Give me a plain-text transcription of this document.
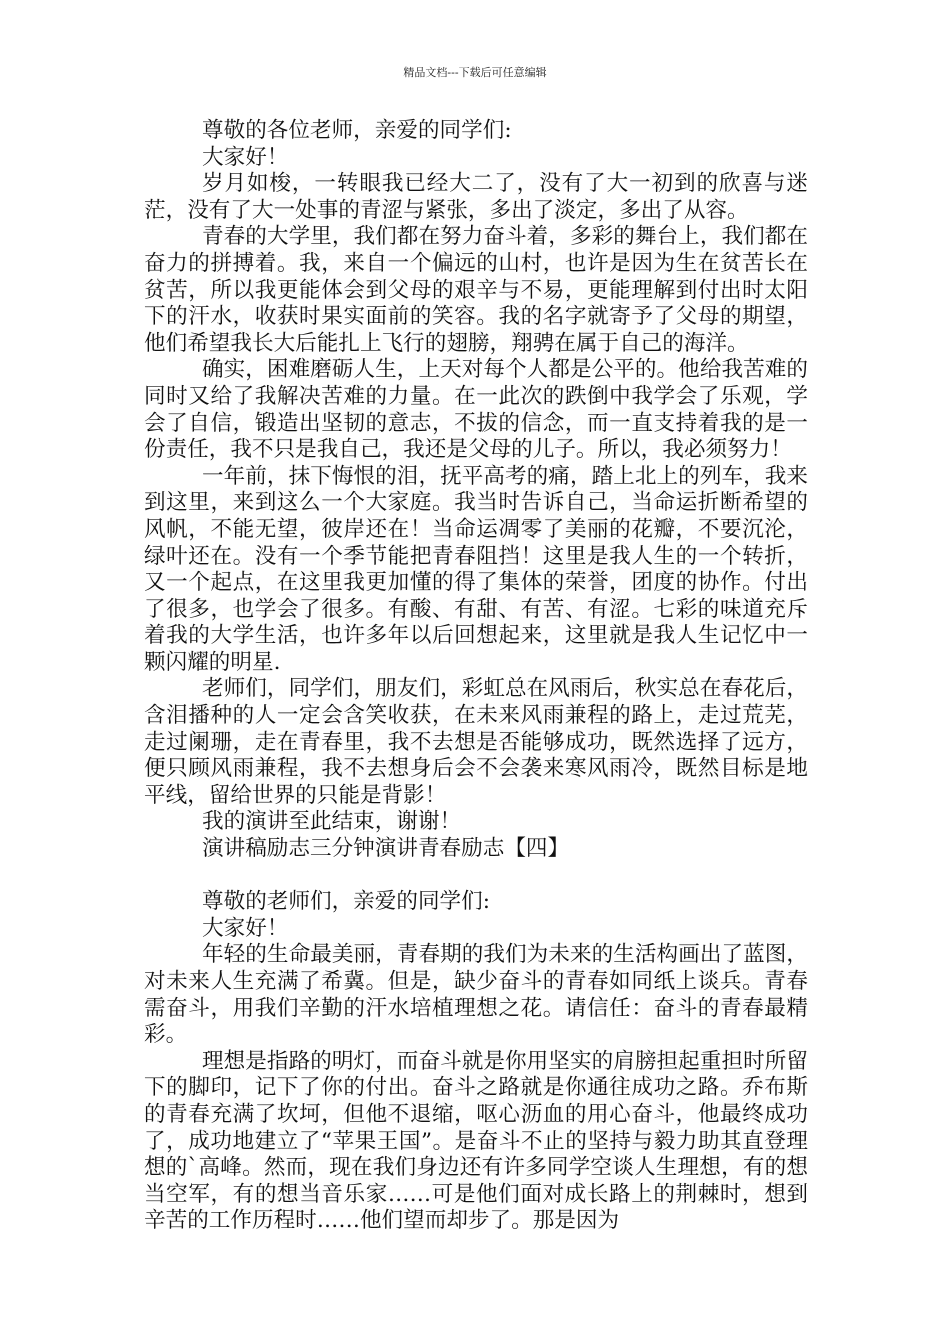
精品文档---下载后可任意编辑

尊敬的各位老师，亲爱的同学们:

大家好！

岁月如梭，一转眼我已经大二了，没有了大一初到的欣喜与迷茫，没有了大一处事的青涩与紧张，多出了淡定，多出了从容。

青春的大学里，我们都在努力奋斗着，多彩的舞台上，我们都在奋力的拼搏着。我，来自一个偏远的山村，也许是因为生在贫苦长在贫苦，所以我更能体会到父母的艰辛与不易，更能理解到付出时太阳下的汗水，收获时果实面前的笑容。我的名字就寄予了父母的期望，他们希望我长大后能扎上飞行的翅膀，翔骋在属于自己的海洋。

确实，困难磨砺人生，上天对每个人都是公平的。他给我苦难的同时又给了我解决苦难的力量。在一此次的跌倒中我学会了乐观，学会了自信，锻造出坚韧的意志，不拔的信念，而一直支持着我的是一份责任，我不只是我自己，我还是父母的儿子。所以，我必须努力！

一年前，抹下悔恨的泪，抚平高考的痛，踏上北上的列车，我来到这里，来到这么一个大家庭。我当时告诉自己，当命运折断希望的风帆，不能无望，彼岸还在！当命运凋零了美丽的花瓣，不要沉沦，绿叶还在。没有一个季节能把青春阻挡！这里是我人生的一个转折，又一个起点，在这里我更加懂的得了集体的荣誉，团度的协作。付出了很多，也学会了很多。有酸、有甜、有苦、有涩。七彩的味道充斥着我的大学生活，也许多年以后回想起来，这里就是我人生记忆中一颗闪耀的明星.

老师们，同学们，朋友们，彩虹总在风雨后，秋实总在春花后，含泪播种的人一定会含笑收获，在未来风雨兼程的路上，走过荒芜，走过阑珊，走在青春里，我不去想是否能够成功，既然选择了远方，便只顾风雨兼程，我不去想身后会不会袭来寒风雨冷，既然目标是地平线，留给世界的只能是背影！

我的演讲至此结束，谢谢！

演讲稿励志三分钟演讲青春励志【四】

尊敬的老师们，亲爱的同学们:

大家好！

年轻的生命最美丽，青春期的我们为未来的生活构画出了蓝图，对未来人生充满了希冀。但是，缺少奋斗的青春如同纸上谈兵。青春需奋斗，用我们辛勤的汗水培植理想之花。请信任：奋斗的青春最精彩。

理想是指路的明灯，而奋斗就是你用坚实的肩膀担起重担时所留下的脚印，记下了你的付出。奋斗之路就是你通往成功之路。乔布斯的青春充满了坎坷，但他不退缩，呕心沥血的用心奋斗，他最终成功了，成功地建立了“苹果王国”。是奋斗不止的坚持与毅力助其直登理想的`高峰。然而，现在我们身边还有许多同学空谈人生理想，有的想当空军，有的想当音乐家……可是他们面对成长路上的荆棘时，想到辛苦的工作历程时……他们望而却步了。那是因为
